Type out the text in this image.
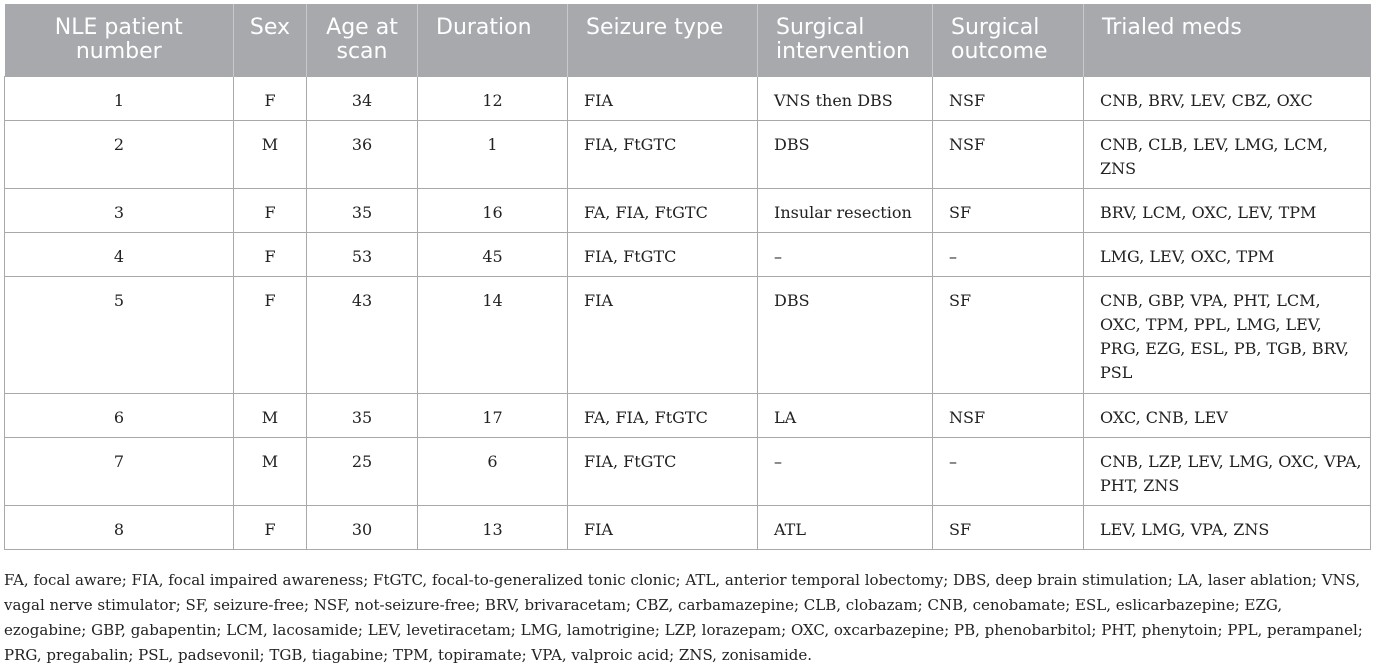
NLE patient number	Sex	Age at scan	Duration	Seizure type	Surgical intervention	Surgical outcome	Trialed meds
1	F	34	12	FIA	VNS then DBS	NSF	CNB, BRV, LEV, CBZ, OXC
2	M	36	1	FIA, FtGTC	DBS	NSF	CNB, CLB, LEV, LMG, LCM, ZNS
3	F	35	16	FA, FIA, FtGTC	Insular resection	SF	BRV, LCM, OXC, LEV, TPM
4	F	53	45	FIA, FtGTC	–	–	LMG, LEV, OXC, TPM
5	F	43	14	FIA	DBS	SF	CNB, GBP, VPA, PHT, LCM, OXC, TPM, PPL, LMG, LEV, PRG, EZG, ESL, PB, TGB, BRV, PSL
6	M	35	17	FA, FIA, FtGTC	LA	NSF	OXC, CNB, LEV
7	M	25	6	FIA, FtGTC	–	–	CNB, LZP, LEV, LMG, OXC, VPA, PHT, ZNS
8	F	30	13	FIA	ATL	SF	LEV, LMG, VPA, ZNS
FA, focal aware; FIA, focal impaired awareness; FtGTC, focal-to-generalized tonic clonic; ATL, anterior temporal lobectomy; DBS, deep brain stimulation; LA, laser ablation; VNS, vagal nerve stimulator; SF, seizure-free; NSF, not-seizure-free; BRV, brivaracetam; CBZ, carbamazepine; CLB, clobazam; CNB, cenobamate; ESL, eslicarbazepine; EZG, ezogabine; GBP, gabapentin; LCM, lacosamide; LEV, levetiracetam; LMG, lamotrigine; LZP, lorazepam; OXC, oxcarbazepine; PB, phenobarbitol; PHT, phenytoin; PPL, perampanel; PRG, pregabalin; PSL, padsevonil; TGB, tiagabine; TPM, topiramate; VPA, valproic acid; ZNS, zonisamide.
